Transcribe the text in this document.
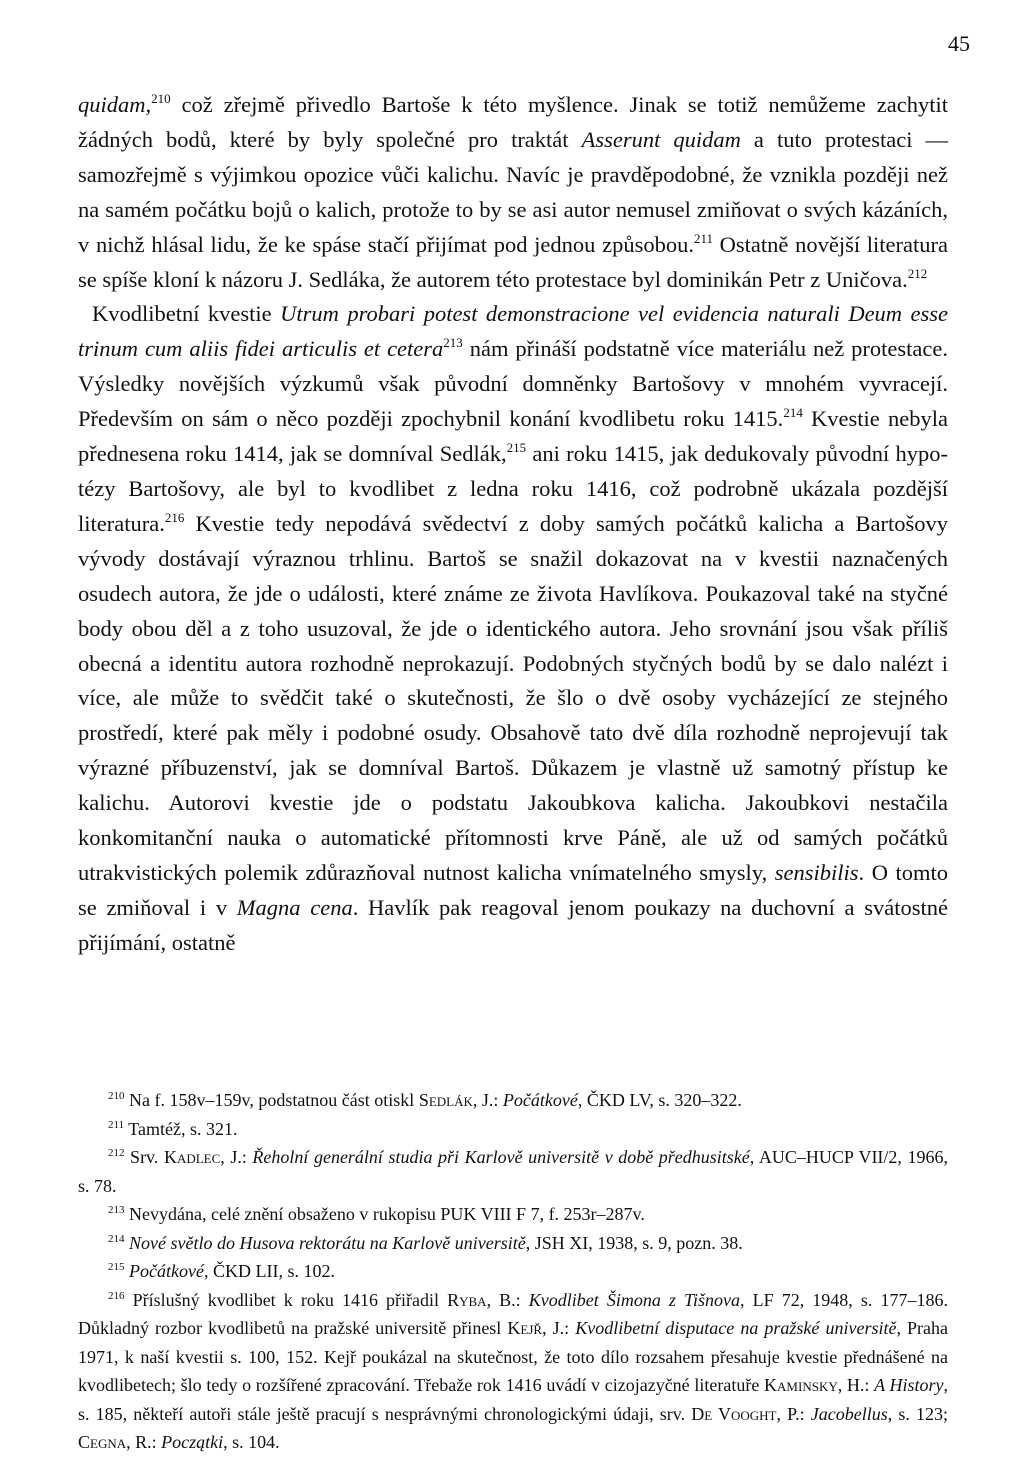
45

quidam,$^{210}$ což zřejmě přivedlo Bartoše k této myšlence. Jinak se totiž nemůžeme zachytit žádných bodů, které by byly společné pro traktát Asserunt quidam a tuto protestaci — samozřejmě s výjimkou opozice vůči kalichu. Navíc je pravděpodobné, že vznikla později než na samém počátku bojů o kalich, protože to by se asi autor nemusel zmiňovat o svých kázáních, v nichž hlásal lidu, že ke spáse stačí přijímat pod jednou způsobou.$^{211}$ Ostatně novější literatura se spíše kloní k názoru J. Sedláka, že autorem této protestace byl dominikán Petr z Uničova.$^{212}$

Kvodlibetní kvestie Utrum probari potest demonstracione vel evidencia naturali Deum esse trinum cum aliis fidei articulis et cetera$^{213}$ nám přináší podstatně více materiálu než protestace. Výsledky novějších výzkumů však původní domněnky Bartošovy v mnohém vyvracejí. Především on sám o něco později zpochybnil konání kvodlibetu roku 1415.$^{214}$ Kvestie nebyla přednesena roku 1414, jak se domníval Sedlák,$^{215}$ ani roku 1415, jak dedukovaly původní hypotézy Bartošovy, ale byl to kvodlibet z ledna roku 1416, což podrobně ukázala pozdější literatura.$^{216}$ Kvestie tedy nepodává svědectví z doby samých počátků kalicha a Bartošovy vývody dostávají výraznou trhlinu. Bartoš se snažil dokazovat na v kvestii naznačených osudech autora, že jde o události, které známe ze života Havlíkova. Poukazoval také na styčné body obou děl a z toho usuzoval, že jde o identického autora. Jeho srovnání jsou však příliš obecná a identitu autora rozhodně neprokazují. Podobných styčných bodů by se dalo nalézt i více, ale může to svědčit také o skutečnosti, že šlo o dvě osoby vycházející ze stejného prostředí, které pak měly i podobné osudy. Obsahově tato dvě díla rozhodně neprojevují tak výrazné příbuzenství, jak se domníval Bartoš. Důkazem je vlastně už samotný přístup ke kalichu. Autorovi kvestie jde o podstatu Jakoubkova kalicha. Jakoubkovi nestačila konkomitanční nauka o automatické přítomnosti krve Páně, ale už od samých počátků utrakvistických polemik zdůrazňoval nutnost kalicha vnímatelného smysly, sensibilis. O tomto se zmiňoval i v Magna cena. Havlík pak reagoval jenom poukazy na duchovní a svátostné přijímání, ostatně

$^{210}$ Na f. 158v–159v, podstatnou část otiskl Sedlák, J.: Počátkové, ČKD LV, s. 320–322.

$^{211}$ Tamtéž, s. 321.

$^{212}$ Srv. Kadlec, J.: Řeholní generální studia při Karlově universitě v době předhusitské, AUC–HUCP VII/2, 1966, s. 78.

$^{213}$ Nevydána, celé znění obsaženo v rukopisu PUK VIII F 7, f. 253r–287v.

$^{214}$ Nové světlo do Husova rektorátu na Karlově universitě, JSH XI, 1938, s. 9, pozn. 38.

$^{215}$ Počátkové, ČKD LII, s. 102.

$^{216}$ Příslušný kvodlibet k roku 1416 přiřadil Ryba, B.: Kvodlibet Šimona z Tišnova, LF 72, 1948, s. 177–186. Důkladný rozbor kvodlibetů na pražské universitě přinesl Kejř, J.: Kvodlibetní disputace na pražské universitě, Praha 1971, k naší kvestii s. 100, 152. Kejř poukázal na skutečnost, že toto dílo rozsahem přesahuje kvestie přednášené na kvodlibetech; šlo tedy o rozšířené zpracování. Třebaže rok 1416 uvádí v cizojazyčné literatuře Kaminsky, H.: A History, s. 185, někteří autoři stále ještě pracují s nesprávnými chronologickými údaji, srv. De Vooght, P.: Jacobellus, s. 123; Cegna, R.: Początki, s. 104.
